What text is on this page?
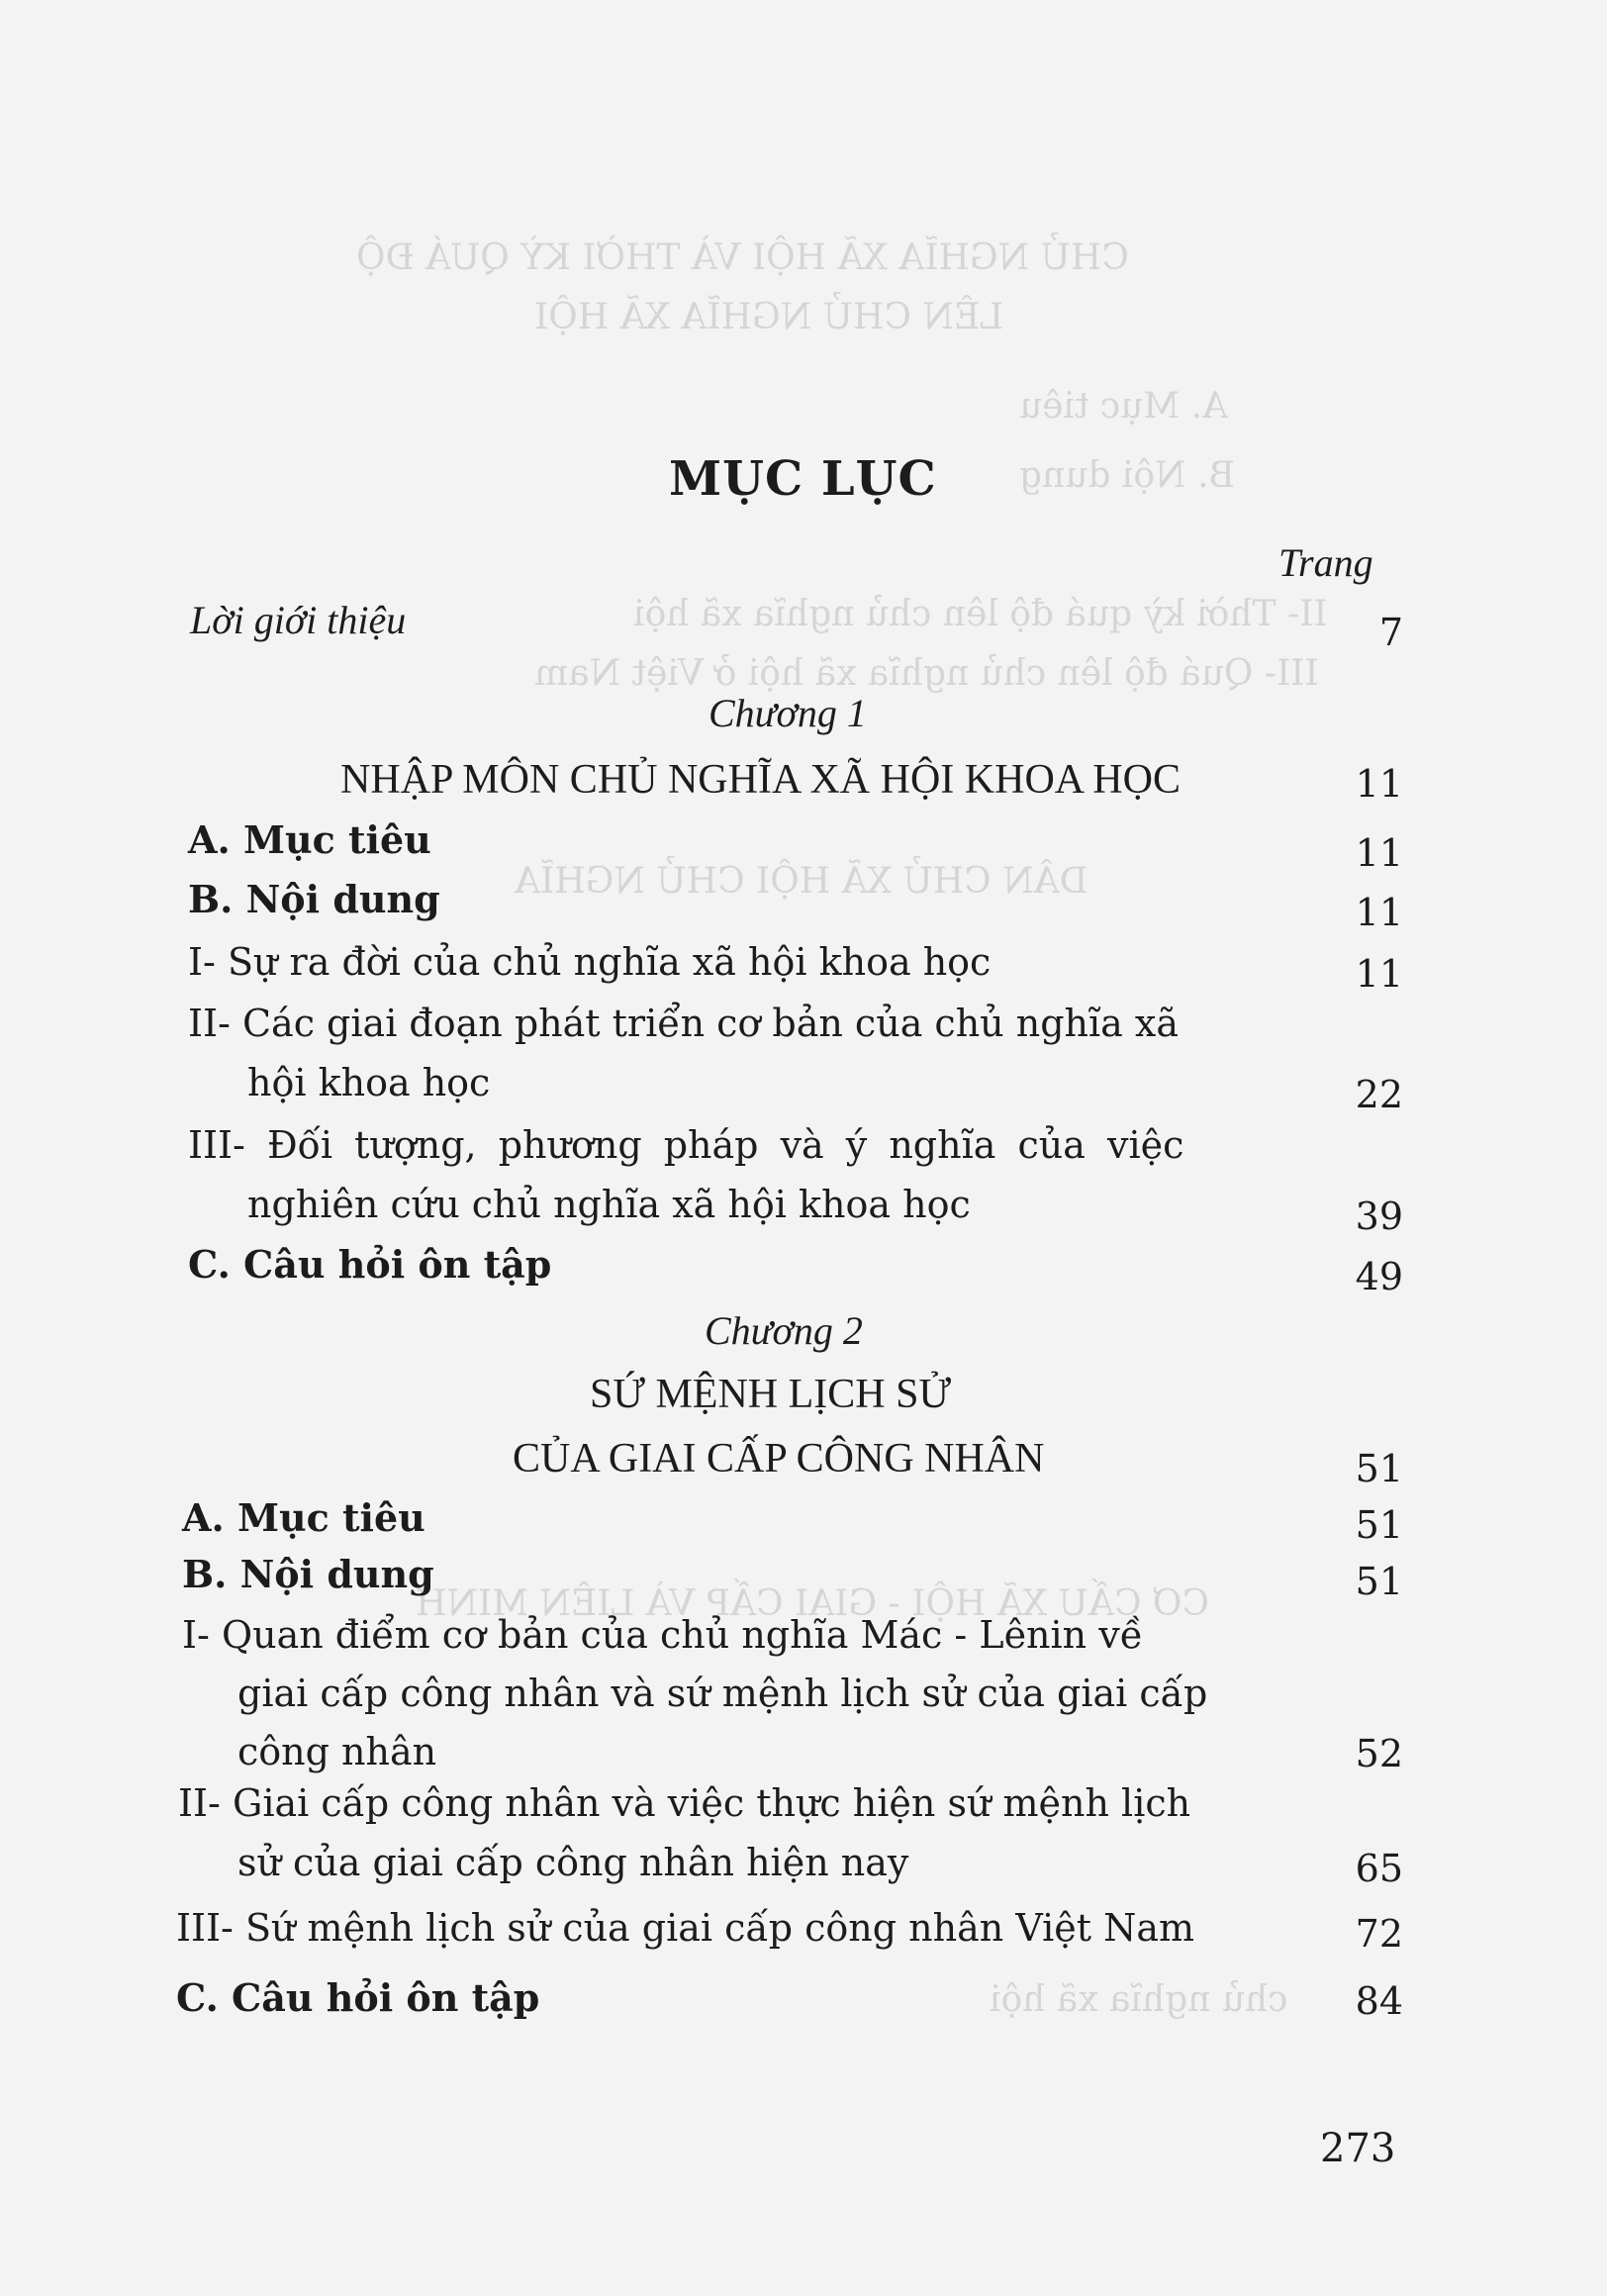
CHỦ NGHĨA XÃ HỘI VÀ THỜI KỲ QUÁ ĐỘ
LÊN CHỦ NGHĨA XÃ HỘI
A. Mục tiêu
B. Nội dung
II- Thời kỳ quá độ lên chủ nghĩa xã hội
III- Quá độ lên chủ nghĩa xã hội ở Việt Nam
DÂN CHỦ XÃ HỘI CHỦ NGHĨA
CƠ CẤU XÃ HỘI - GIAI CẤP VÀ LIÊN MINH
chủ nghĩa xã hội
MỤC LỤC
Trang
Lời giới thiệu	7
Chương 1
NHẬP MÔN CHỦ NGHĨA XÃ HỘI KHOA HỌC	11
A. Mục tiêu	11
B. Nội dung	11
I- Sự ra đời của chủ nghĩa xã hội khoa học	11
II- Các giai đoạn phát triển cơ bản của chủ nghĩa xã
hội khoa học	22
III- Đối tượng, phương pháp và ý nghĩa của việc
nghiên cứu chủ nghĩa xã hội khoa học	39
C. Câu hỏi ôn tập	49
Chương 2
SỨ MỆNH LỊCH SỬ
CỦA GIAI CẤP CÔNG NHÂN	51
A. Mục tiêu	51
B. Nội dung	51
I- Quan điểm cơ bản của chủ nghĩa Mác - Lênin về
giai cấp công nhân và sứ mệnh lịch sử của giai cấp
công nhân	52
II- Giai cấp công nhân và việc thực hiện sứ mệnh lịch
sử của giai cấp công nhân hiện nay	65
III- Sứ mệnh lịch sử của giai cấp công nhân Việt Nam	72
C. Câu hỏi ôn tập	84
273
